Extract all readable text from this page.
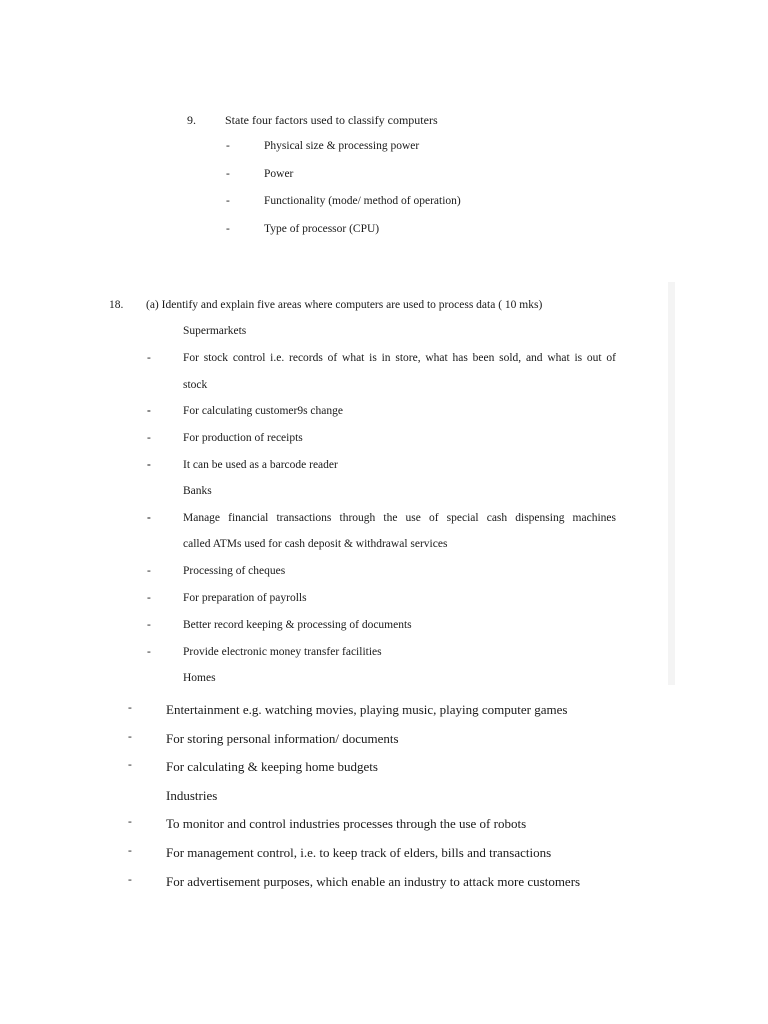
9. State four factors used to classify computers
-	Physical size & processing power
-	Power
-	Functionality (mode/ method of operation)
-	Type of processor (CPU)
18. (a) Identify and explain five areas where computers are used to process data ( 10 mks)
Supermarkets
-	For stock control i.e. records of what is in store, what has been sold, and what is out of
stock
-	For calculating customer9s change
-	For production of receipts
-	It can be used as a barcode reader
Banks
-	Manage financial transactions through the use of special cash dispensing machines
called ATMs used for cash deposit & withdrawal services
-	Processing of cheques
-	For preparation of payrolls
-	Better record keeping & processing of documents
-	Provide electronic money transfer facilities
Homes
-	Entertainment e.g. watching movies, playing music, playing computer games
-	For storing personal information/ documents
-	For calculating & keeping home budgets
Industries
-	To monitor and control industries processes through the use of robots
-	For management control, i.e. to keep track of elders, bills and transactions
-	For advertisement purposes, which enable an industry to attack more customers
